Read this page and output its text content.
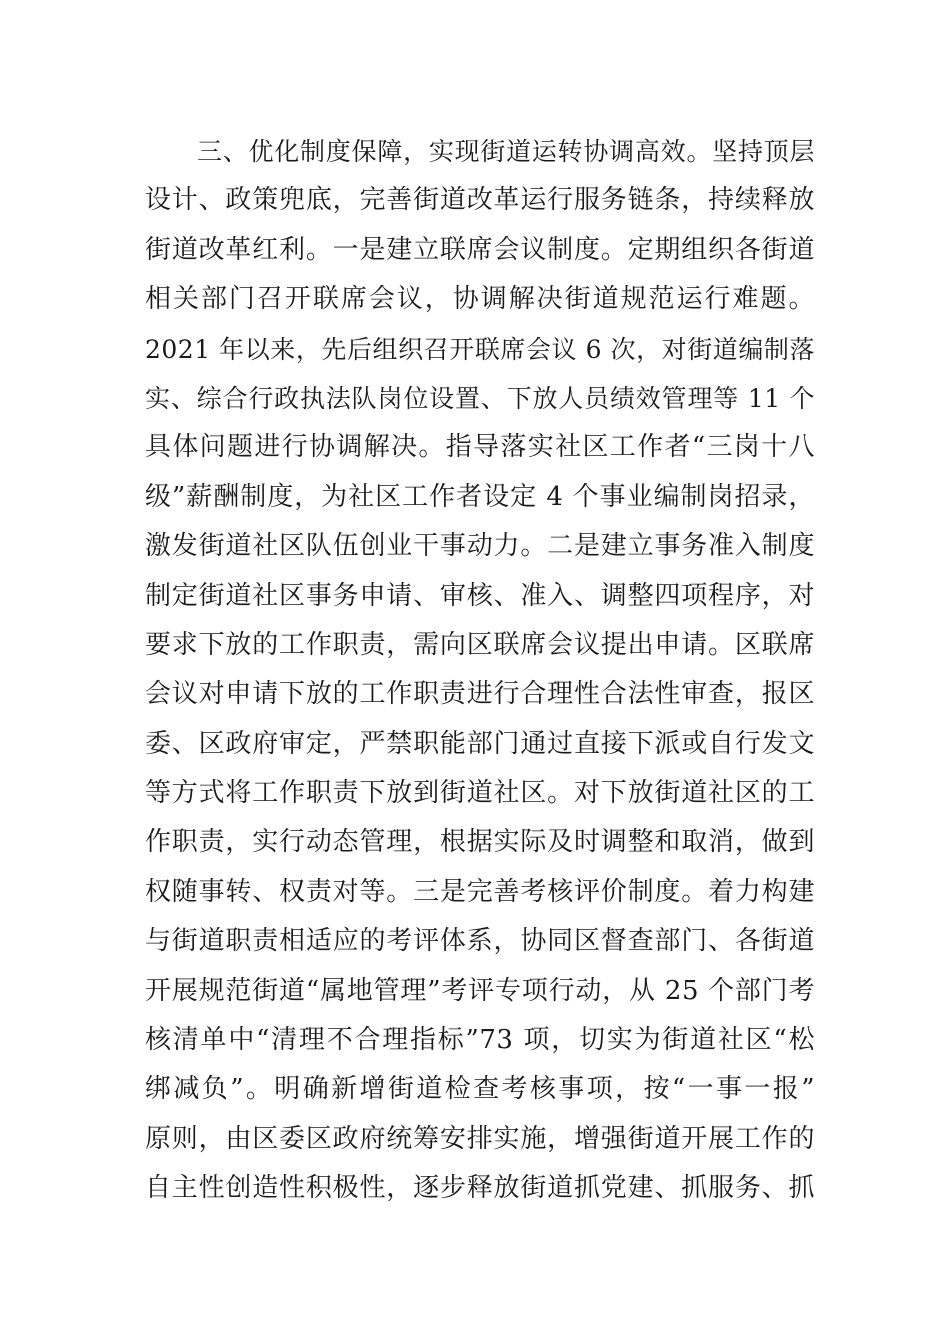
三、优化制度保障，实现街道运转协调高效。坚持顶层
设计、政策兜底，完善街道改革运行服务链条，持续释放
街道改革红利。一是建立联席会议制度。定期组织各街道
相关部门召开联席会议，协调解决街道规范运行难题。
2021 年以来，先后组织召开联席会议 6 次，对街道编制落
实、综合行政执法队岗位设置、下放人员绩效管理等 11 个
具体问题进行协调解决。指导落实社区工作者“三岗十八
级”薪酬制度，为社区工作者设定 4 个事业编制岗招录，
激发街道社区队伍创业干事动力。二是建立事务准入制度
制定街道社区事务申请、审核、准入、调整四项程序，对
要求下放的工作职责，需向区联席会议提出申请。区联席
会议对申请下放的工作职责进行合理性合法性审查，报区
委、区政府审定，严禁职能部门通过直接下派或自行发文
等方式将工作职责下放到街道社区。对下放街道社区的工
作职责，实行动态管理，根据实际及时调整和取消，做到
权随事转、权责对等。三是完善考核评价制度。着力构建
与街道职责相适应的考评体系，协同区督查部门、各街道
开展规范街道“属地管理”考评专项行动，从 25 个部门考
核清单中“清理不合理指标”73 项，切实为街道社区“松
绑减负”。明确新增街道检查考核事项，按“一事一报”
原则，由区委区政府统筹安排实施，增强街道开展工作的
自主性创造性积极性，逐步释放街道抓党建、抓服务、抓
